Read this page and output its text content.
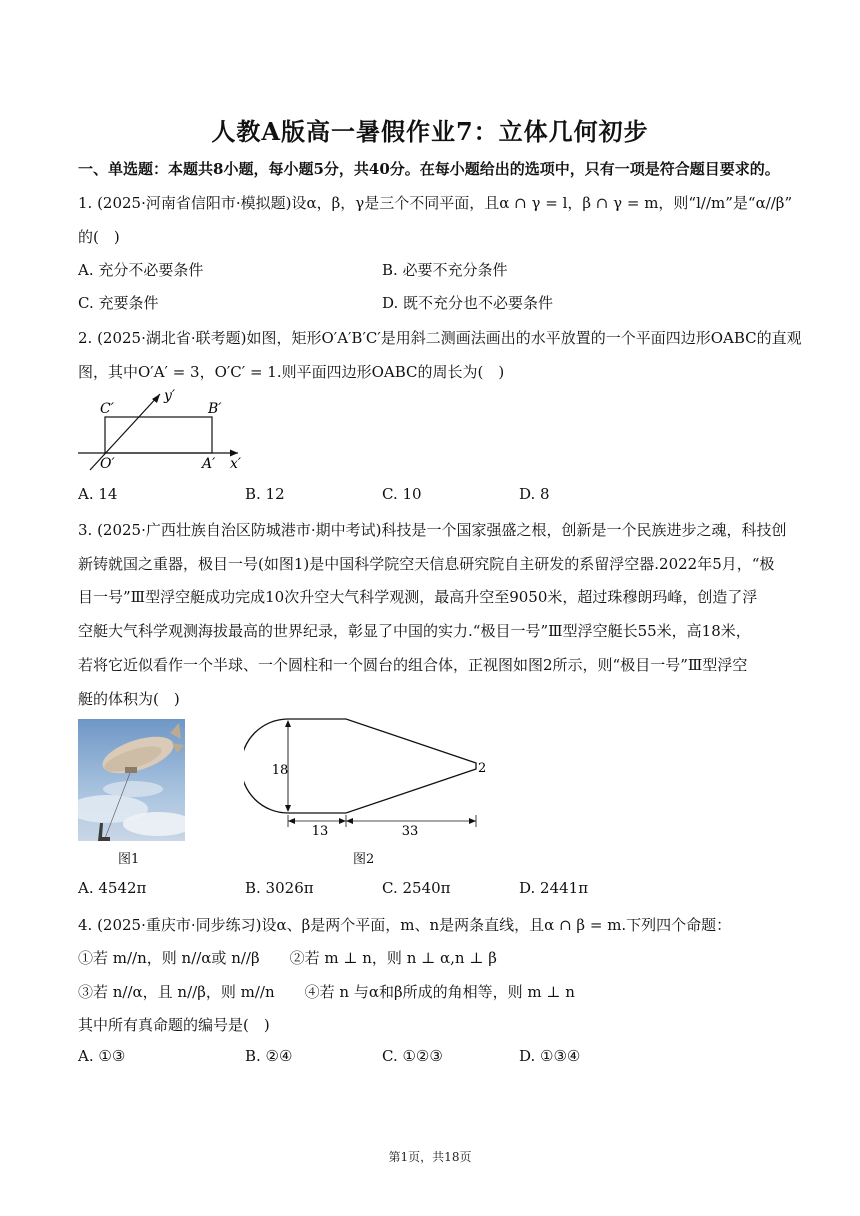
人教A版高一暑假作业7：立体几何初步
一、单选题：本题共8小题，每小题5分，共40分。在每小题给出的选项中，只有一项是符合题目要求的。
1. (2025·河南省信阳市·模拟题)设α，β，γ是三个不同平面，且α ∩ γ = l，β ∩ γ = m，则“l//m”是“α//β”
的(　)
A. 充分不必要条件	B. 必要不充分条件
C. 充要条件	D. 既不充分也不必要条件
2. (2025·湖北省·联考题)如图，矩形O′A′B′C′是用斜二测画法画出的水平放置的一个平面四边形OABC的直观
图，其中O′A′ = 3，O′C′ = 1.则平面四边形OABC的周长为(　)
C′	B′
O′	A′ x′
y′
A. 14	B. 12	C. 10	D. 8
3. (2025·广西壮族自治区防城港市·期中考试)科技是一个国家强盛之根，创新是一个民族进步之魂，科技创
新铸就国之重器，极目一号(如图1)是中国科学院空天信息研究院自主研发的系留浮空器.2022年5月，“极
目一号”Ⅲ型浮空艇成功完成10次升空大气科学观测，最高升空至9050米，超过珠穆朗玛峰，创造了浮
空艇大气科学观测海拔最高的世界纪录，彰显了中国的实力.“极目一号”Ⅲ型浮空艇长55米，高18米，
若将它近似看作一个半球、一个圆柱和一个圆台的组合体，正视图如图2所示，则“极目一号”Ⅲ型浮空
艇的体积为(　)
图1
18	2
13	33
图2
A. 4542π	B. 3026π	C. 2540π	D. 2441π
4. (2025·重庆市·同步练习)设α、β是两个平面，m、n是两条直线，且α ∩ β = m.下列四个命题：
①若 m//n，则 n//α或 n//β　　②若 m ⊥ n，则 n ⊥ α,n ⊥ β
③若 n//α，且 n//β，则 m//n　　④若 n 与α和β所成的角相等，则 m ⊥ n
其中所有真命题的编号是(　)
A. ①③	B. ②④	C. ①②③	D. ①③④
第1页，共18页
